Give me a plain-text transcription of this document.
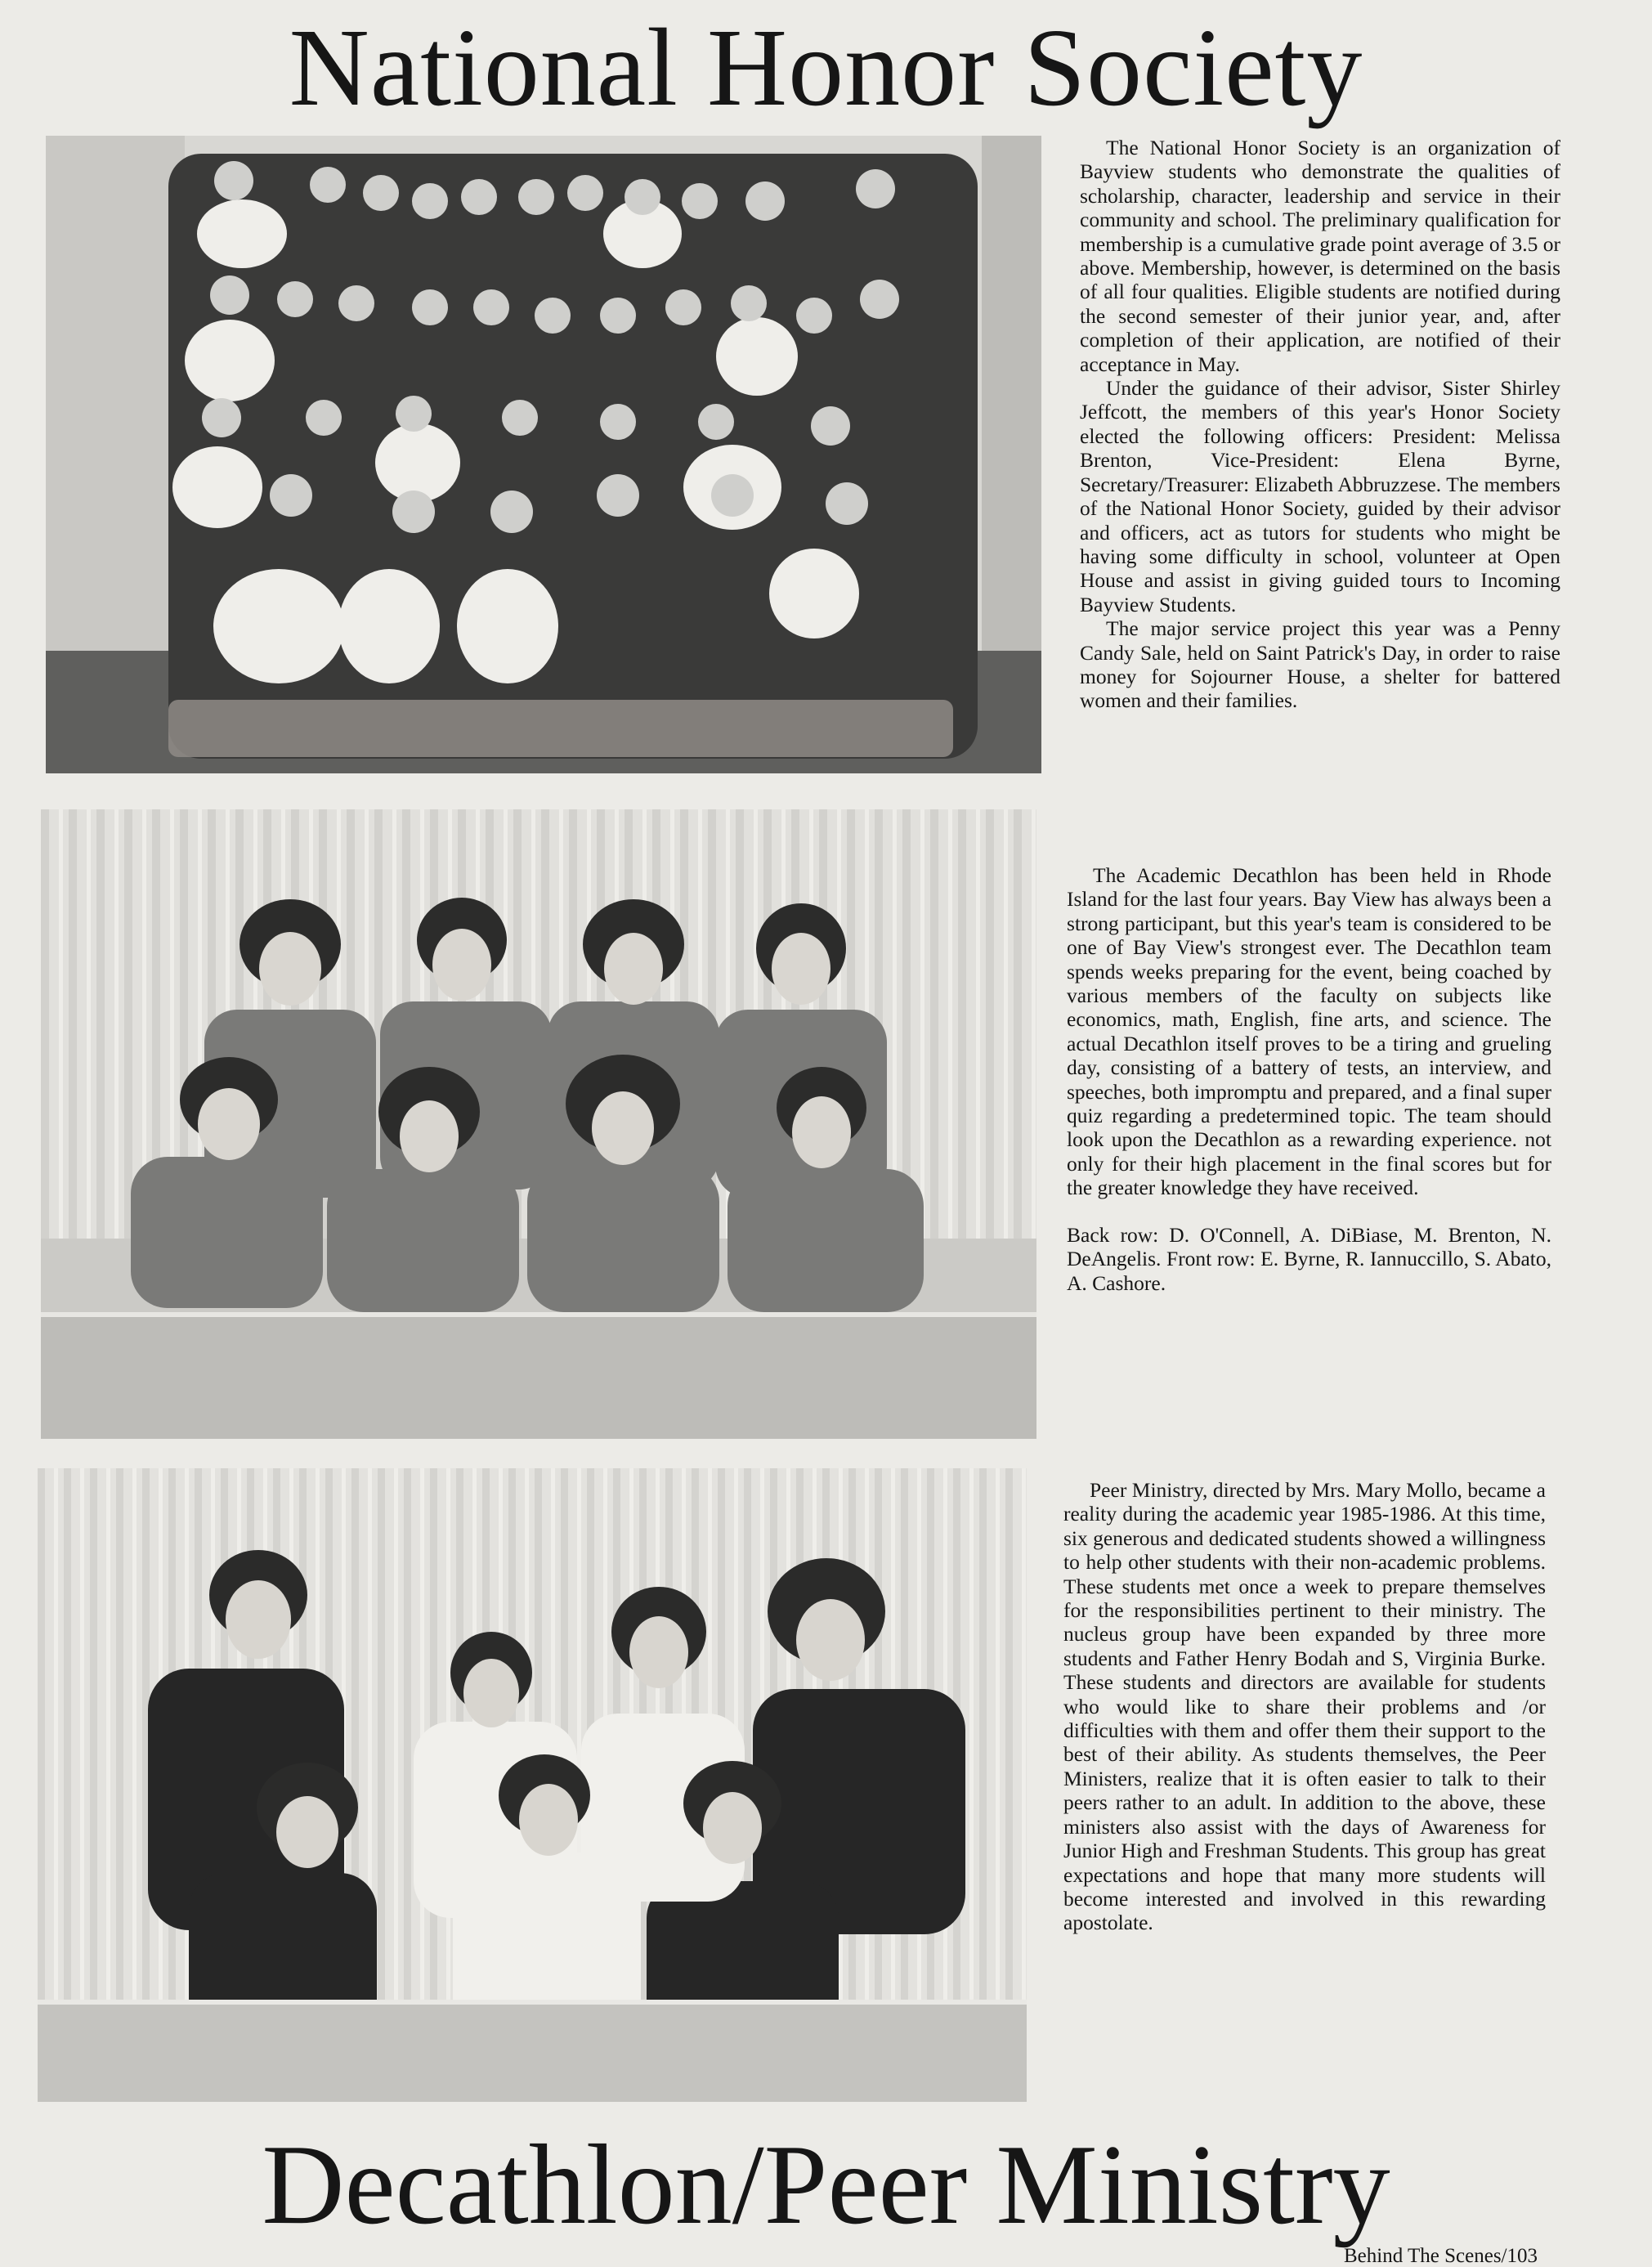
National Honor Society

The National Honor Society is an organization of Bayview students who demonstrate the qualities of scholarship, character, leadership and service in their community and school. The preliminary qualification for membership is a cumulative grade point average of 3.5 or above. Membership, however, is determined on the basis of all four qualities. Eligible students are notified during the second semester of their junior year, and, after completion of their application, are notified of their acceptance in May.

Under the guidance of their advisor, Sister Shirley Jeffcott, the members of this year's Honor Society elected the following officers: President: Melissa Brenton, Vice-President: Elena Byrne, Secretary/Treasurer: Elizabeth Abbruzzese. The members of the National Honor Society, guided by their advisor and officers, act as tutors for students who might be having some difficulty in school, volunteer at Open House and assist in giving guided tours to Incoming Bayview Students.

The major service project this year was a Penny Candy Sale, held on Saint Patrick's Day, in order to raise money for Sojourner House, a shelter for battered women and their families.

The Academic Decathlon has been held in Rhode Island for the last four years. Bay View has always been a strong participant, but this year's team is considered to be one of Bay View's strongest ever. The Decathlon team spends weeks preparing for the event, being coached by various members of the faculty on subjects like economics, math, English, fine arts, and science. The actual Decathlon itself proves to be a tiring and grueling day, consisting of a battery of tests, an interview, and speeches, both impromptu and prepared, and a final super quiz regarding a predetermined topic. The team should look upon the Decathlon as a rewarding experience. not only for their high placement in the final scores but for the greater knowledge they have received.

Back row: D. O'Connell, A. DiBiase, M. Brenton, N. DeAngelis. Front row: E. Byrne, R. Iannuccillo, S. Abato, A. Cashore.

Peer Ministry, directed by Mrs. Mary Mollo, became a reality during the academic year 1985-1986. At this time, six generous and dedicated students showed a willingness to help other students with their non-academic problems. These students met once a week to prepare themselves for the responsibilities pertinent to their ministry. The nucleus group have been expanded by three more students and Father Henry Bodah and S, Virginia Burke. These students and directors are available for students who would like to share their problems and /or difficulties with them and offer them their support to the best of their ability. As students themselves, the Peer Ministers, realize that it is often easier to talk to their peers rather to an adult. In addition to the above, these ministers also assist with the days of Awareness for Junior High and Freshman Students. This group has great expectations and hope that many more students will become interested and involved in this rewarding apostolate.

Decathlon/Peer Ministry
Behind The Scenes/103
